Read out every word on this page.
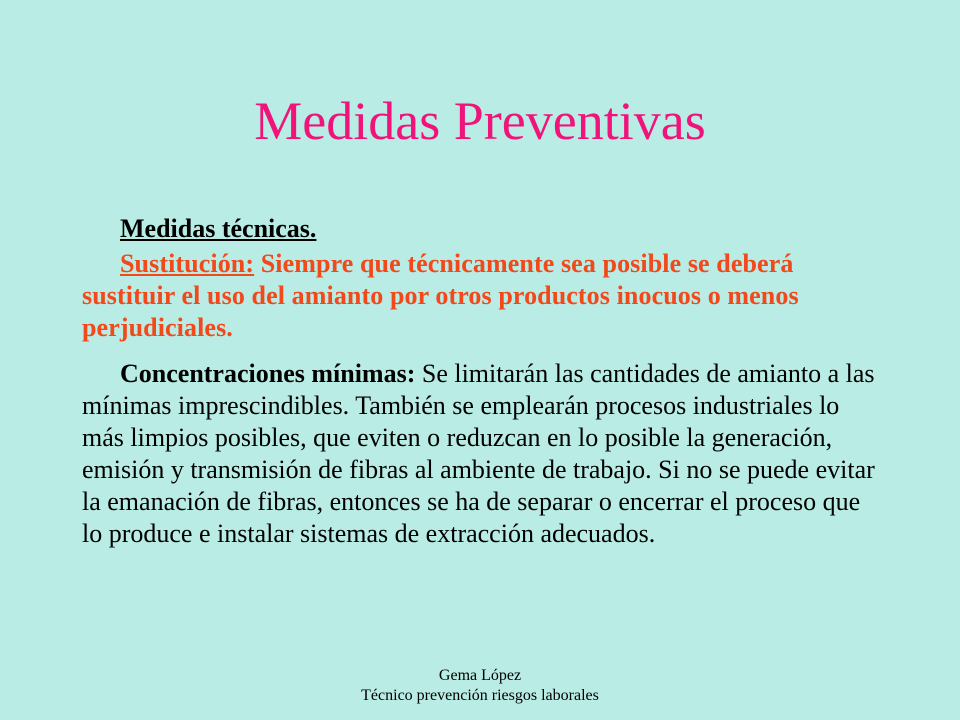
Medidas Preventivas

Medidas técnicas.

Sustitución: Siempre que técnicamente sea posible se deberá sustituir el uso del amianto por otros productos inocuos o menos perjudiciales.

Concentraciones mínimas: Se limitarán las cantidades de amianto a las mínimas imprescindibles. También se emplearán procesos industriales lo más limpios posibles, que eviten o reduzcan en lo posible la generación, emisión y transmisión de fibras al ambiente de trabajo. Si no se puede evitar la emanación de fibras, entonces se ha de separar o encerrar el proceso que lo produce e instalar sistemas de extracción adecuados.

Gema López
Técnico prevención riesgos laborales
